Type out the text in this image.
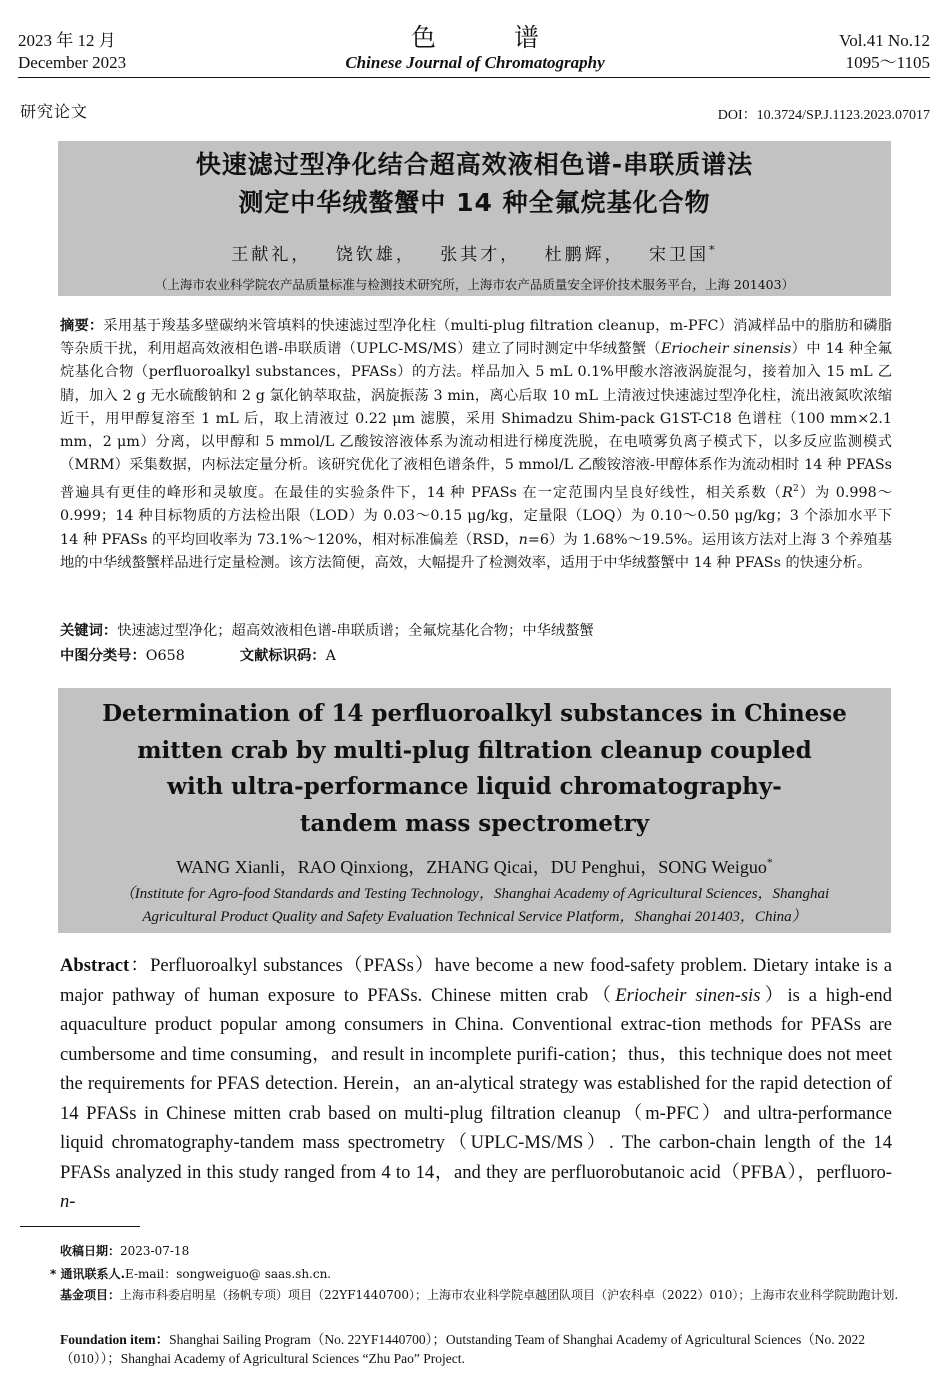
2023 年 12 月
December 2023
色谱
Chinese Journal of Chromatography
Vol.41 No.12
1095～1105
研究论文	DOI：10.3724/SP.J.1123.2023.07017
快速滤过型净化结合超高效液相色谱-串联质谱法
测定中华绒螯蟹中 14 种全氟烷基化合物
王献礼， 饶钦雄， 张其才， 杜鹏辉， 宋卫国*
（上海市农业科学院农产品质量标准与检测技术研究所，上海市农产品质量安全评价技术服务平台，上海 201403）
摘要：采用基于羧基多壁碳纳米管填料的快速滤过型净化柱（multi-plug filtration cleanup，m-PFC）消减样品中的脂肪和磷脂等杂质干扰，利用超高效液相色谱-串联质谱（UPLC-MS/MS）建立了同时测定中华绒螯蟹（Eriocheir sinensis）中 14 种全氟烷基化合物（perfluoroalkyl substances，PFASs）的方法。样品加入 5 mL 0.1%甲酸水溶液涡旋混匀，接着加入 15 mL 乙腈，加入 2 g 无水硫酸钠和 2 g 氯化钠萃取盐，涡旋振荡 3 min，离心后取 10 mL 上清液过快速滤过型净化柱，流出液氮吹浓缩近干，用甲醇复溶至 1 mL 后，取上清液过 0.22 μm 滤膜，采用 Shimadzu Shim-pack G1ST-C18 色谱柱（100 mm×2.1 mm，2 μm）分离，以甲醇和 5 mmol/L 乙酸铵溶液体系为流动相进行梯度洗脱，在电喷雾负离子模式下，以多反应监测模式（MRM）采集数据，内标法定量分析。该研究优化了液相色谱条件，5 mmol/L 乙酸铵溶液-甲醇体系作为流动相时 14 种 PFASs 普遍具有更佳的峰形和灵敏度。在最佳的实验条件下，14 种 PFASs 在一定范围内呈良好线性，相关系数$(R^2)$为 0.998～0.999；14 种目标物质的方法检出限（LOD）为 0.03～0.15 μg/kg，定量限（LOQ）为 0.10～0.50 μg/kg；3 个添加水平下 14 种 PFASs 的平均回收率为 73.1%～120%，相对标准偏差（RSD，n=6）为 1.68%～19.5%。运用该方法对上海 3 个养殖基地的中华绒螯蟹样品进行定量检测。该方法简便，高效，大幅提升了检测效率，适用于中华绒螯蟹中 14 种 PFASs 的快速分析。
关键词：快速滤过型净化；超高效液相色谱-串联质谱；全氟烷基化合物；中华绒螯蟹
中图分类号：O658	文献标识码：A
Determination of 14 perfluoroalkyl substances in Chinese
mitten crab by multi-plug filtration cleanup coupled
with ultra-performance liquid chromatography-
tandem mass spectrometry
WANG Xianli，RAO Qinxiong，ZHANG Qicai，DU Penghui，SONG Weiguo*
（Institute for Agro-food Standards and Testing Technology，Shanghai Academy of Agricultural Sciences，Shanghai
Agricultural Product Quality and Safety Evaluation Technical Service Platform，Shanghai 201403，China）
Abstract：Perfluoroalkyl substances（PFASs）have become a new food-safety problem. Dietary intake is a major pathway of human exposure to PFASs. Chinese mitten crab（Eriocheir sinen-sis）is a high-end aquaculture product popular among consumers in China. Conventional extrac-tion methods for PFASs are cumbersome and time consuming，and result in incomplete purifi-cation；thus，this technique does not meet the requirements for PFAS detection. Herein，an an-alytical strategy was established for the rapid detection of 14 PFASs in Chinese mitten crab based on multi-plug filtration cleanup（m-PFC）and ultra-performance liquid chromatography-tandem mass spectrometry（UPLC-MS/MS）. The carbon-chain length of the 14 PFASs analyzed in this study ranged from 4 to 14，and they are perfluorobutanoic acid（PFBA），perfluoro-n-
收稿日期：2023-07-18
* 通讯联系人.E-mail：songweiguo@ saas.sh.cn.
基金项目：上海市科委启明星（扬帆专项）项目（22YF1440700）；上海市农业科学院卓越团队项目（沪农科卓（2022）010）；上海市农业科学院助跑计划.
Foundation item：Shanghai Sailing Program（No. 22YF1440700）；Outstanding Team of Shanghai Academy of Agricultural Sciences（No. 2022（010））；Shanghai Academy of Agricultural Sciences “Zhu Pao” Project.
